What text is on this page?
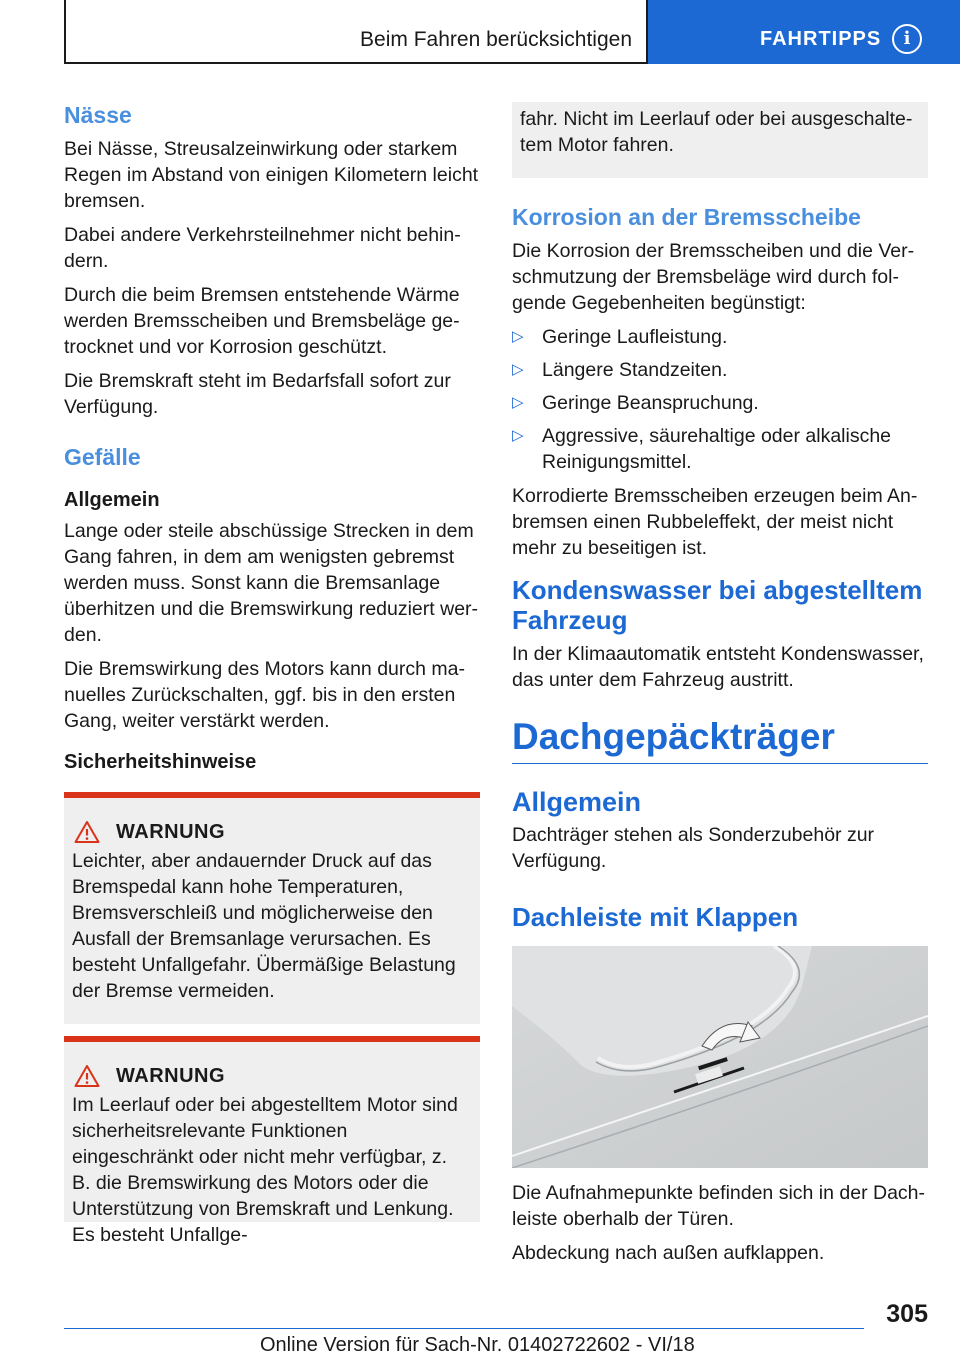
Beim Fahren berücksichtigen	FAHRTIPPS	i
Nässe

Bei Nässe, Streusalzeinwirkung oder starkem Regen im Abstand von einigen Kilometern leicht bremsen.

Dabei andere Verkehrsteilnehmer nicht behindern.

Durch die beim Bremsen entstehende Wärme werden Bremsscheiben und Bremsbeläge getrocknet und vor Korrosion geschützt.

Die Bremskraft steht im Bedarfsfall sofort zur Verfügung.

Gefälle
Allgemein

Lange oder steile abschüssige Strecken in dem Gang fahren, in dem am wenigsten gebremst werden muss. Sonst kann die Bremsanlage überhitzen und die Bremswirkung reduziert werden.

Die Bremswirkung des Motors kann durch manuelles Zurückschalten, ggf. bis in den ersten Gang, weiter verstärkt werden.

Sicherheitshinweise
WARNUNG

Leichter, aber andauernder Druck auf das Bremspedal kann hohe Temperaturen, Bremsverschleiß und möglicherweise den Ausfall der Bremsanlage verursachen. Es besteht Unfallgefahr. Übermäßige Belastung der Bremse vermeiden.

WARNUNG

Im Leerlauf oder bei abgestelltem Motor sind sicherheitsrelevante Funktionen eingeschränkt oder nicht mehr verfügbar, z. B. die Bremswirkung des Motors oder die Unterstützung von Bremskraft und Lenkung. Es besteht Unfallge-

fahr. Nicht im Leerlauf oder bei ausgeschaltetem Motor fahren.

Korrosion an der Bremsscheibe

Die Korrosion der Bremsscheiben und die Verschmutzung der Bremsbeläge wird durch folgende Gegebenheiten begünstigt:

▷ Geringe Laufleistung.
▷ Längere Standzeiten.
▷ Geringe Beanspruchung.
▷ Aggressive, säurehaltige oder alkalische Reinigungsmittel.

Korrodierte Bremsscheiben erzeugen beim Anbremsen einen Rubbeleffekt, der meist nicht mehr zu beseitigen ist.

Kondenswasser bei abgestelltem Fahrzeug

In der Klimaautomatik entsteht Kondenswasser, das unter dem Fahrzeug austritt.

Dachgepäckträger
Allgemein

Dachträger stehen als Sonderzubehör zur Verfügung.

Dachleiste mit Klappen

Die Aufnahmepunkte befinden sich in der Dachleiste oberhalb der Türen.

Abdeckung nach außen aufklappen.

305
Online Version für Sach-Nr. 01402722602 - VI/18
